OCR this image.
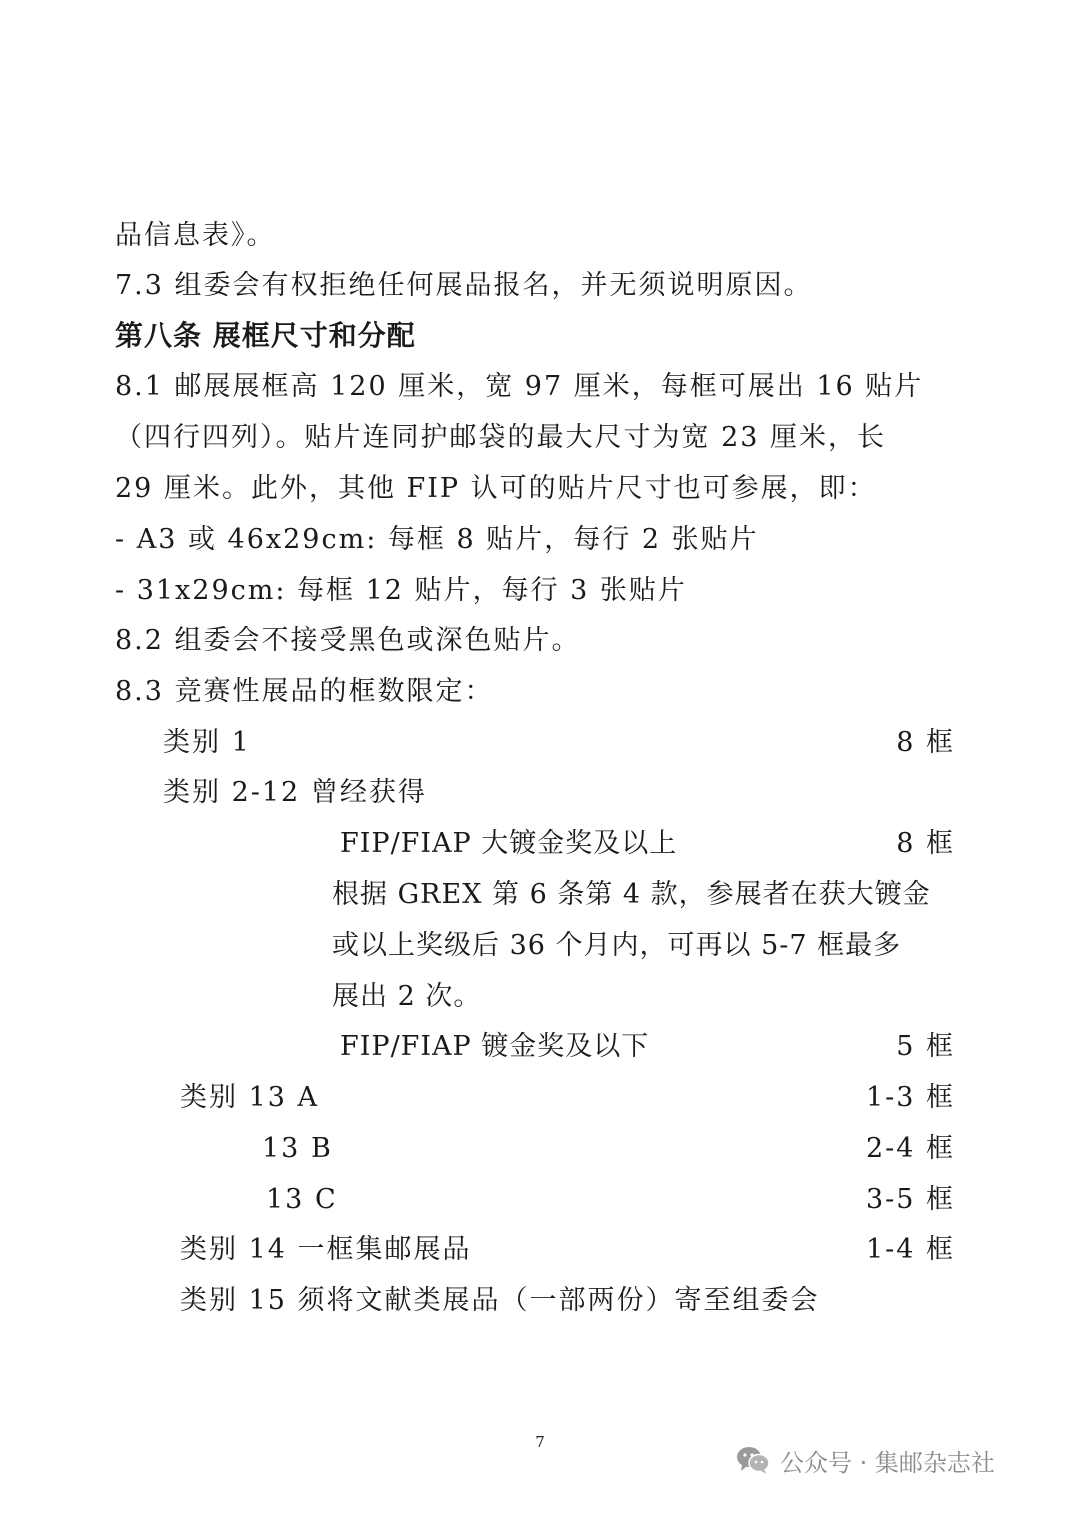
品信息表》。
7.3 组委会有权拒绝任何展品报名，并无须说明原因。
第八条 展框尺寸和分配
8.1 邮展展框高 120 厘米，宽 97 厘米，每框可展出 16 贴片
（四行四列）。贴片连同护邮袋的最大尺寸为宽 23 厘米，长
29 厘米。此外，其他 FIP 认可的贴片尺寸也可参展，即：
- A3 或 46x29cm: 每框 8 贴片，每行 2 张贴片
- 31x29cm: 每框 12 贴片，每行 3 张贴片
8.2 组委会不接受黑色或深色贴片。
8.3 竞赛性展品的框数限定：
类别 1	8 框
类别 2-12 曾经获得
FIP/FIAP 大镀金奖及以上	8 框
根据 GREX 第 6 条第 4 款，参展者在获大镀金
或以上奖级后 36 个月内，可再以 5-7 框最多
展出 2 次。
FIP/FIAP 镀金奖及以下	5 框
类别 13 A	1-3 框
13 B	2-4 框
13 C	3-5 框
类别 14 一框集邮展品	1-4 框
类别 15 须将文献类展品（一部两份）寄至组委会
7
公众号 · 集邮杂志社
